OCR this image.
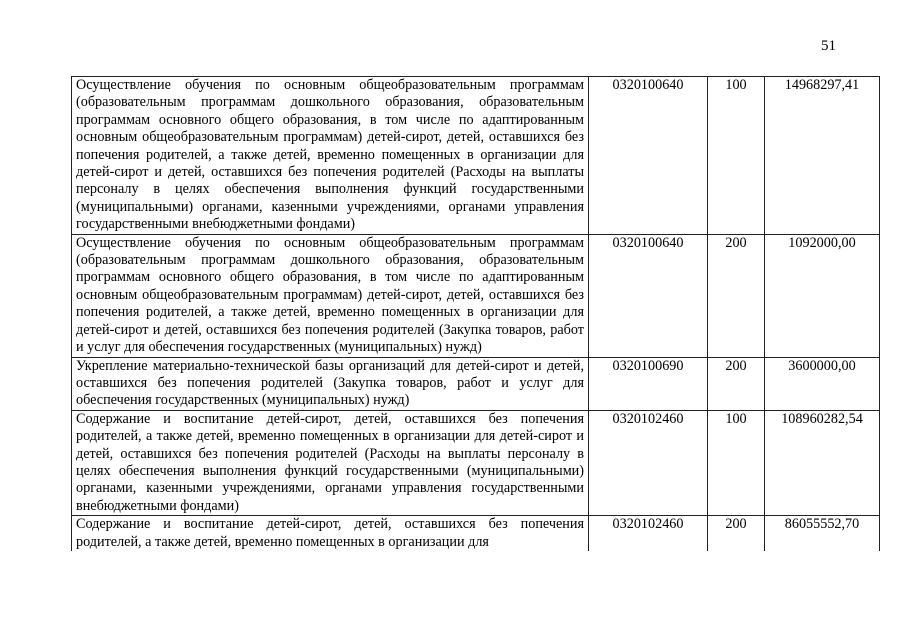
51
Осуществление обучения по основным общеобразовательным программам (образовательным программам дошкольного образования, образовательным программам основного общего образования, в том числе по адаптированным основным общеобразовательным программам) детей-сирот, детей, оставшихся без попечения родителей, а также детей, временно помещенных в организации для детей-сирот и детей, оставшихся без попечения родителей (Расходы на выплаты персоналу в целях обеспечения выполнения функций государственными (муниципальными) органами, казенными учреждениями, органами управления государственными внебюджетными фондами)	0320100640	100	14968297,41
Осуществление обучения по основным общеобразовательным программам (образовательным программам дошкольного образования, образовательным программам основного общего образования, в том числе по адаптированным основным общеобразовательным программам) детей-сирот, детей, оставшихся без попечения родителей, а также детей, временно помещенных в организации для детей-сирот и детей, оставшихся без попечения родителей (Закупка товаров, работ и услуг для обеспечения государственных (муниципальных) нужд)	0320100640	200	1092000,00
Укрепление материально-технической базы организаций для детей-сирот и детей, оставшихся без попечения родителей (Закупка товаров, работ и услуг для обеспечения государственных (муниципальных) нужд)	0320100690	200	3600000,00
Содержание и воспитание детей-сирот, детей, оставшихся без попечения родителей, а также детей, временно помещенных в организации для детей-сирот и детей, оставшихся без попечения родителей (Расходы на выплаты персоналу в целях обеспечения выполнения функций государственными (муниципальными) органами, казенными учреждениями, органами управления государственными внебюджетными фондами)	0320102460	100	108960282,54
Содержание и воспитание детей-сирот, детей, оставшихся без попечения родителей, а также детей, временно помещенных в организации для	0320102460	200	86055552,70
